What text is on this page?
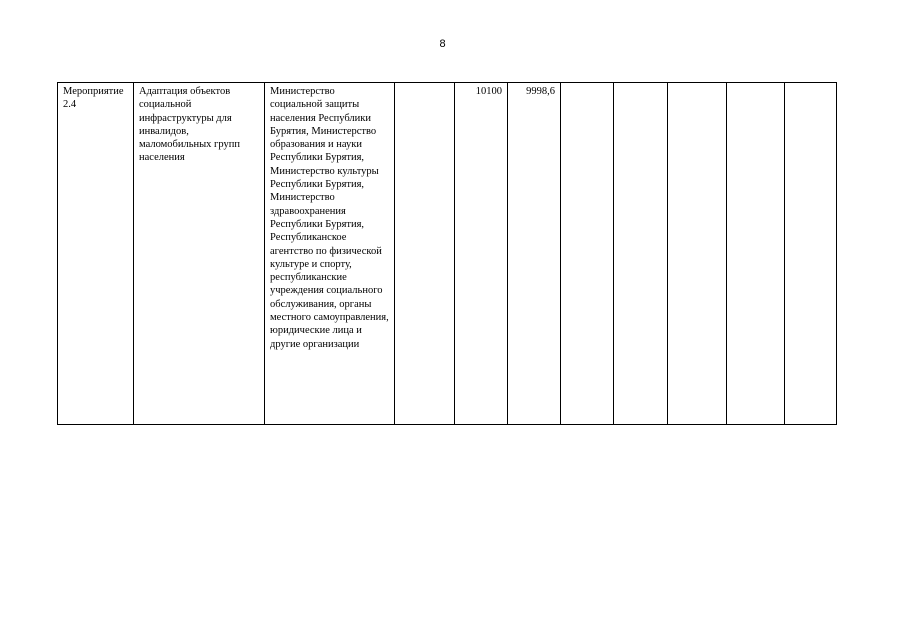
8
Мероприятие 2.4	Адаптация объектов социальной инфраструктуры для инвалидов, маломобильных групп населения	Министерство социальной защиты населения Республики Бурятия, Министерство образования и науки Республики Бурятия, Министерство культуры Республики Бурятия, Министерство здравоохранения Республики Бурятия, Республиканское агентство по физической культуре и спорту, республиканские учреждения социального обслуживания, органы местного самоуправления, юридические лица и другие организации		10100	9998,6					
